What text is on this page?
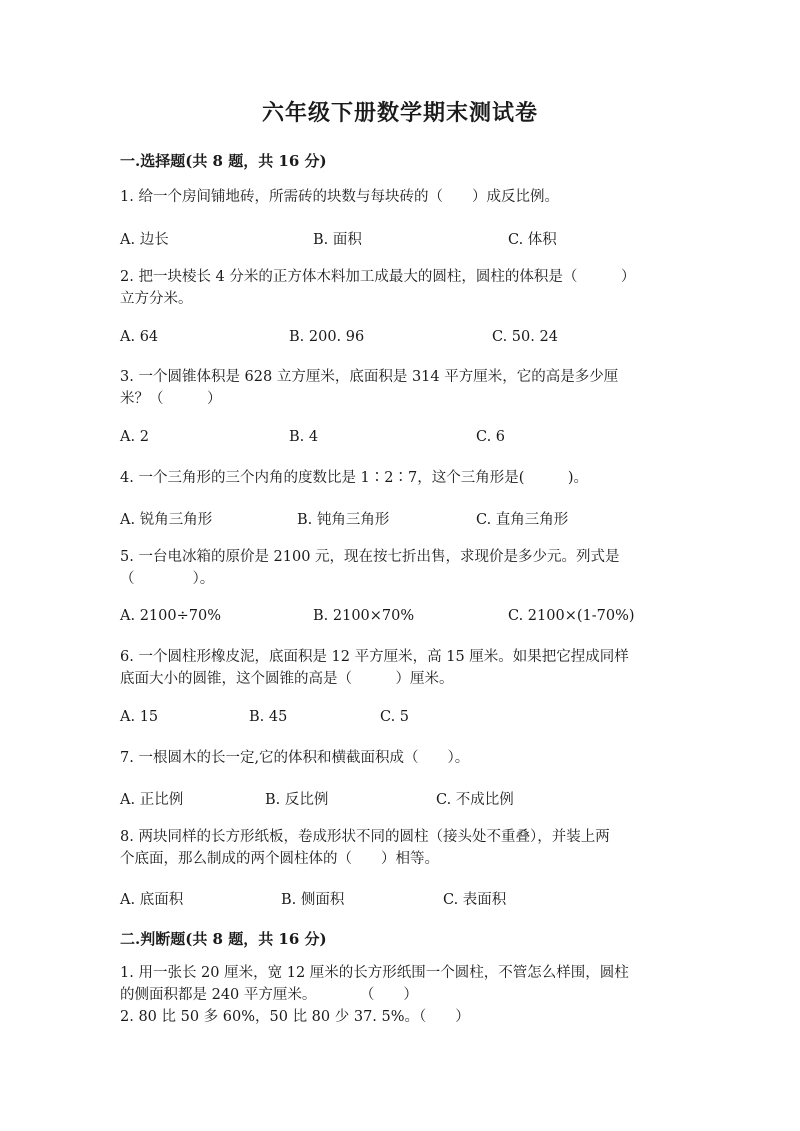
六年级下册数学期末测试卷
一.选择题(共 8 题，共 16 分)
1. 给一个房间铺地砖，所需砖的块数与每块砖的（　　）成反比例。
A. 边长	B. 面积	C. 体积
2. 把一块棱长 4 分米的正方体木料加工成最大的圆柱，圆柱的体积是（　　　）
立方分米。
A. 64	B. 200. 96	C. 50. 24
3. 一个圆锥体积是 628 立方厘米，底面积是 314 平方厘米，它的高是多少厘
米？（　　　）
A. 2	B. 4	C. 6
4. 一个三角形的三个内角的度数比是 1∶2∶7，这个三角形是(　　　)。
A. 锐角三角形	B. 钝角三角形	C. 直角三角形
5. 一台电冰箱的原价是 2100 元，现在按七折出售，求现价是多少元。列式是
（　　　　）。
A. 2100÷70%	B. 2100×70%	C. 2100×(1-70%)
6. 一个圆柱形橡皮泥，底面积是 12 平方厘米，高 15 厘米。如果把它捏成同样
底面大小的圆锥，这个圆锥的高是（　　　）厘米。
A. 15	B. 45	C. 5
7. 一根圆木的长一定,它的体积和横截面积成（　　）。
A. 正比例	B. 反比例	C. 不成比例
8. 两块同样的长方形纸板，卷成形状不同的圆柱（接头处不重叠），并装上两
个底面，那么制成的两个圆柱体的（　　）相等。
A. 底面积	B. 侧面积	C. 表面积
二.判断题(共 8 题，共 16 分)
1. 用一张长 20 厘米，宽 12 厘米的长方形纸围一个圆柱，不管怎么样围，圆柱
的侧面积都是 240 平方厘米。　　　　（　　）
2. 80 比 50 多 60%，50 比 80 少 37. 5%。（　　）
